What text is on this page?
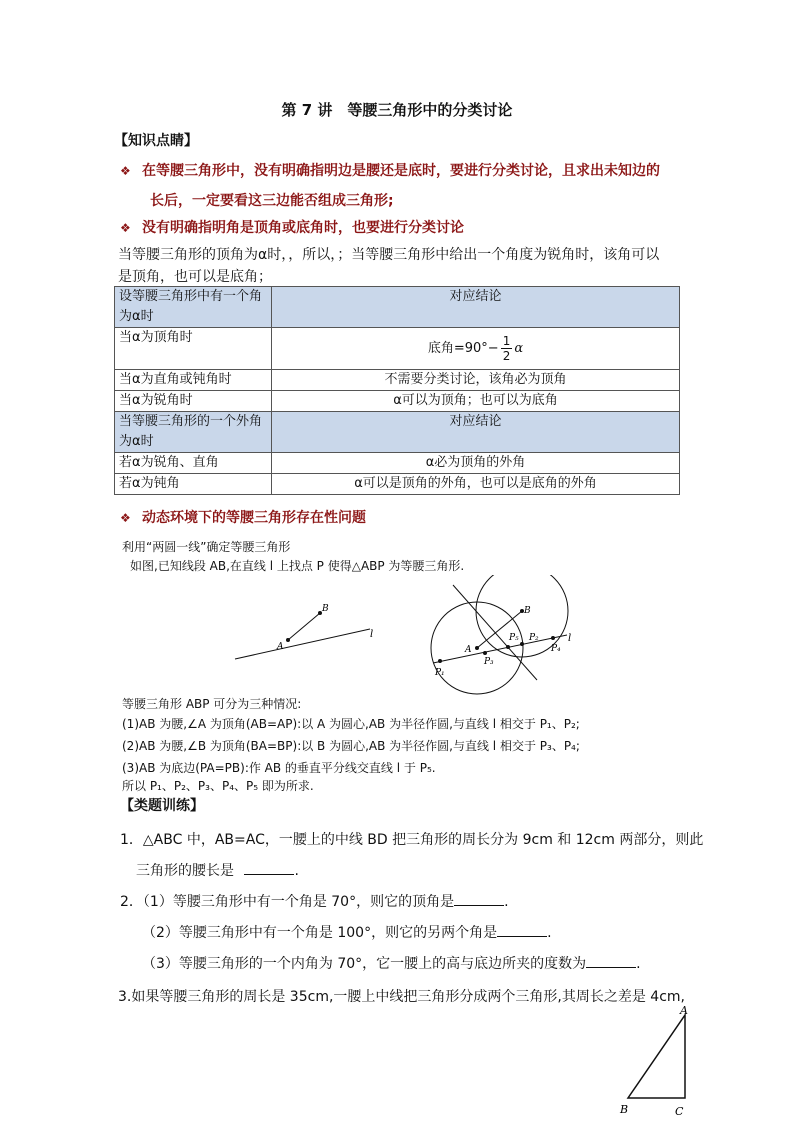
第 7 讲　等腰三角形中的分类讨论
【知识点睛】
❖ 在等腰三角形中，没有明确指明边是腰还是底时，要进行分类讨论，且求出未知边的
长后，一定要看这三边能否组成三角形;
❖ 没有明确指明角是顶角或底角时，也要进行分类讨论
当等腰三角形的顶角为α时，，所以，；当等腰三角形中给出一个角度为锐角时，该角可以
是顶角，也可以是底角；
设等腰三角形中有一个角为α时	对应结论
当α为顶角时	底角$=90^\circ- \frac{1}{2}$ α
当α为直角或钝角时	不需要分类讨论，该角必为顶角
当α为锐角时	α可以为顶角；也可以为底角
当等腰三角形的一个外角为α时	对应结论
若α为锐角、直角	α必为顶角的外角
若α为钝角	α可以是顶角的外角，也可以是底角的外角
❖ 动态环境下的等腰三角形存在性问题
利用“两圆一线”确定等腰三角形
如图,已知线段 AB,在直线 l 上找点 P 使得△ABP 为等腰三角形.
A
B
l
A
B
l
P₁
P₂
P₃
P₄
P₅
等腰三角形 ABP 可分为三种情况:
(1)AB 为腰,∠A 为顶角(AB=AP):以 A 为圆心,AB 为半径作圆,与直线 l 相交于 P₁、P₂;
(2)AB 为腰,∠B 为顶角(BA=BP):以 B 为圆心,AB 为半径作圆,与直线 l 相交于 P₃、P₄;
(3)AB 为底边(PA=PB):作 AB 的垂直平分线交直线 l 于 P₅.
所以 P₁、P₂、P₃、P₄、P₅ 即为所求.
【类题训练】
1．△ABC 中，AB=AC，一腰上的中线 BD 把三角形的周长分为 9cm 和 12cm 两部分，则此
三角形的腰长是	.
2．（1）等腰三角形中有一个角是 70°，则它的顶角是	.
（2）等腰三角形中有一个角是 100°，则它的另两个角是	.
（3）等腰三角形的一个内角为 70°，它一腰上的高与底边所夹的度数为	.
3.如果等腰三角形的周长是 35cm,一腰上中线把三角形分成两个三角形,其周长之差是 4cm,
A
B	C
